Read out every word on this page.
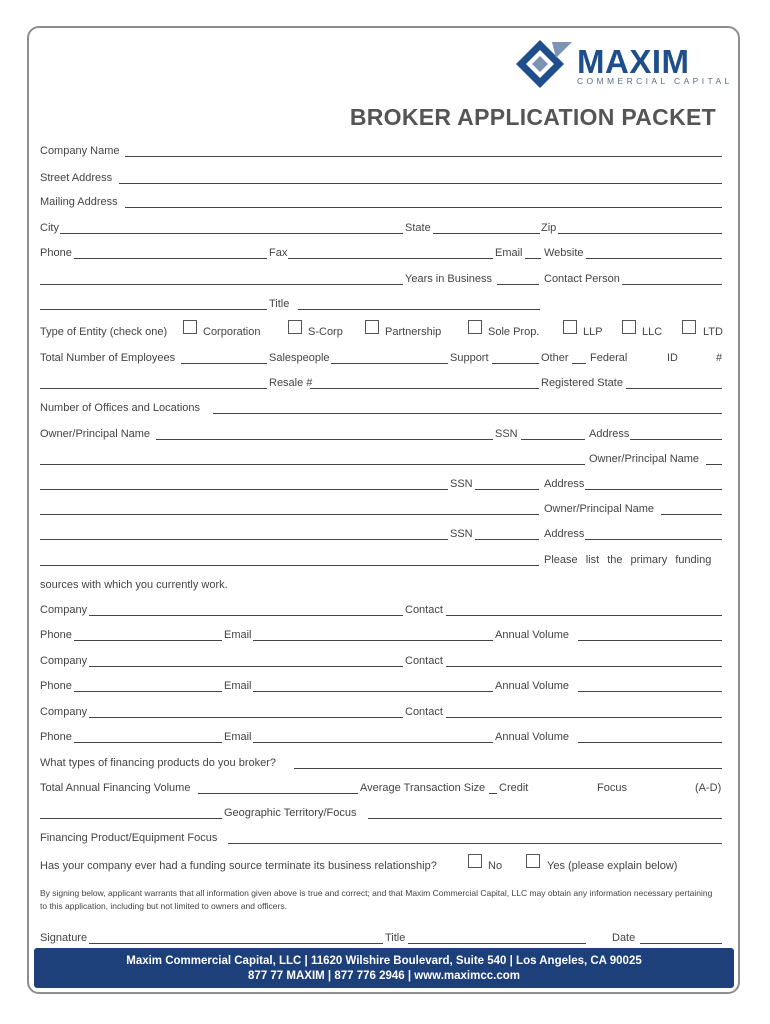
MAXIM
COMMERCIAL CAPITAL
BROKER APPLICATION PACKET
Company Name
Street Address
Mailing Address
City	State	Zip
Phone	Fax	Email Website
Years in Business	Contact Person
Title
Type of Entity (check one)	Corporation	S-Corp	Partnership	Sole Prop.	LLP	LLC	LTD
Total Number of Employees	Salespeople	Support	Other Federal	ID	#
Resale #	Registered State
Number of Offices and Locations
Owner/Principal Name	SSN	Address
Owner/Principal Name
SSN	Address
Owner/Principal Name
SSN	Address
Please list the primary funding
sources with which you currently work.
Company	Contact
Phone	Email	Annual Volume
Company	Contact
Phone	Email	Annual Volume
Company	Contact
Phone	Email	Annual Volume
What types of financing products do you broker?
Total Annual Financing Volume	Average Transaction Size Credit	Focus	(A-D)
Geographic Territory/Focus
Financing Product/Equipment Focus
Has your company ever had a funding source terminate its business relationship?	No	Yes (please explain below)
By signing below, applicant warrants that all information given above is true and correct; and that Maxim Commercial Capital, LLC may obtain any information necessary pertaining to this application, including but not limited to owners and officers.
Signature	Title	Date
Maxim Commercial Capital, LLC | 11620 Wilshire Boulevard, Suite 540 | Los Angeles, CA 90025
877 77 MAXIM | 877 776 2946 | www.maximcc.com
